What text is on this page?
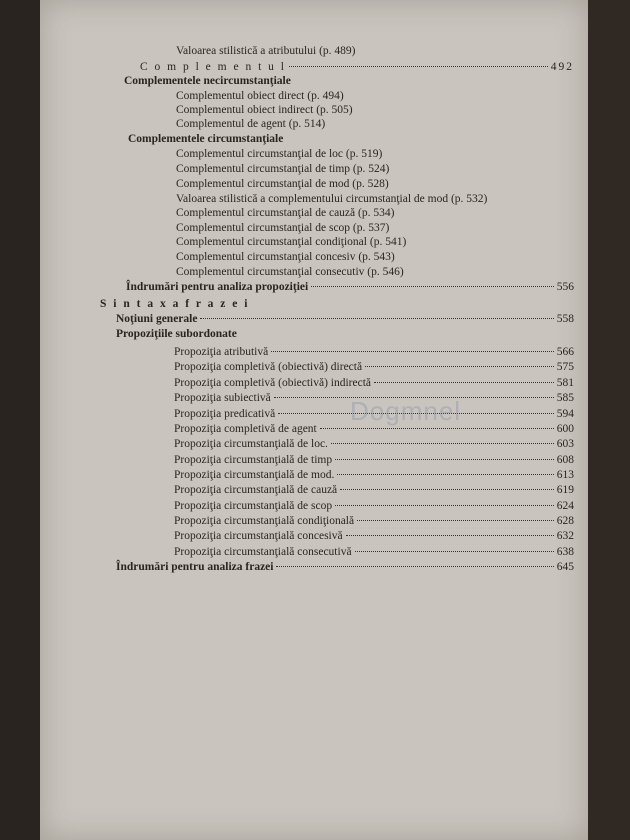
Valoarea stilistică a atributului (p. 489)
C o m p l e m e n t u l	492
Complementele necircumstanţiale
Complementul obiect direct (p. 494)
Complementul obiect indirect (p. 505)
Complementul de agent (p. 514)
Complementele circumstanţiale
Complementul circumstanţial de loc (p. 519)
Complementul circumstanţial de timp (p. 524)
Complementul circumstanţial de mod (p. 528)
Valoarea stilistică a complementului circumstanţial de mod (p. 532)
Complementul circumstanţial de cauză (p. 534)
Complementul circumstanţial de scop (p. 537)
Complementul circumstanţial condiţional (p. 541)
Complementul circumstanţial concesiv (p. 543)
Complementul circumstanţial consecutiv (p. 546)
Îndrumări pentru analiza propoziţiei	556
S i n t a x a f r a z e i
Noţiuni generale	558
Propoziţiile subordonate
Propoziţia atributivă	566
Propoziţia completivă (obiectivă) directă	575
Propoziţia completivă (obiectivă) indirectă	581
Propoziţia subiectivă	585
Propoziţia predicativă	594
Propoziţia completivă de agent	600
Propoziţia circumstanţială de loc.	603
Propoziţia circumstanţială de timp	608
Propoziţia circumstanţială de mod.	613
Propoziţia circumstanţială de cauză	619
Propoziţia circumstanţială de scop	624
Propoziţia circumstanţială condiţională	628
Propoziţia circumstanţială concesivă	632
Propoziţia circumstanţială consecutivă	638
Îndrumări pentru analiza frazei	645
Dogmnel
